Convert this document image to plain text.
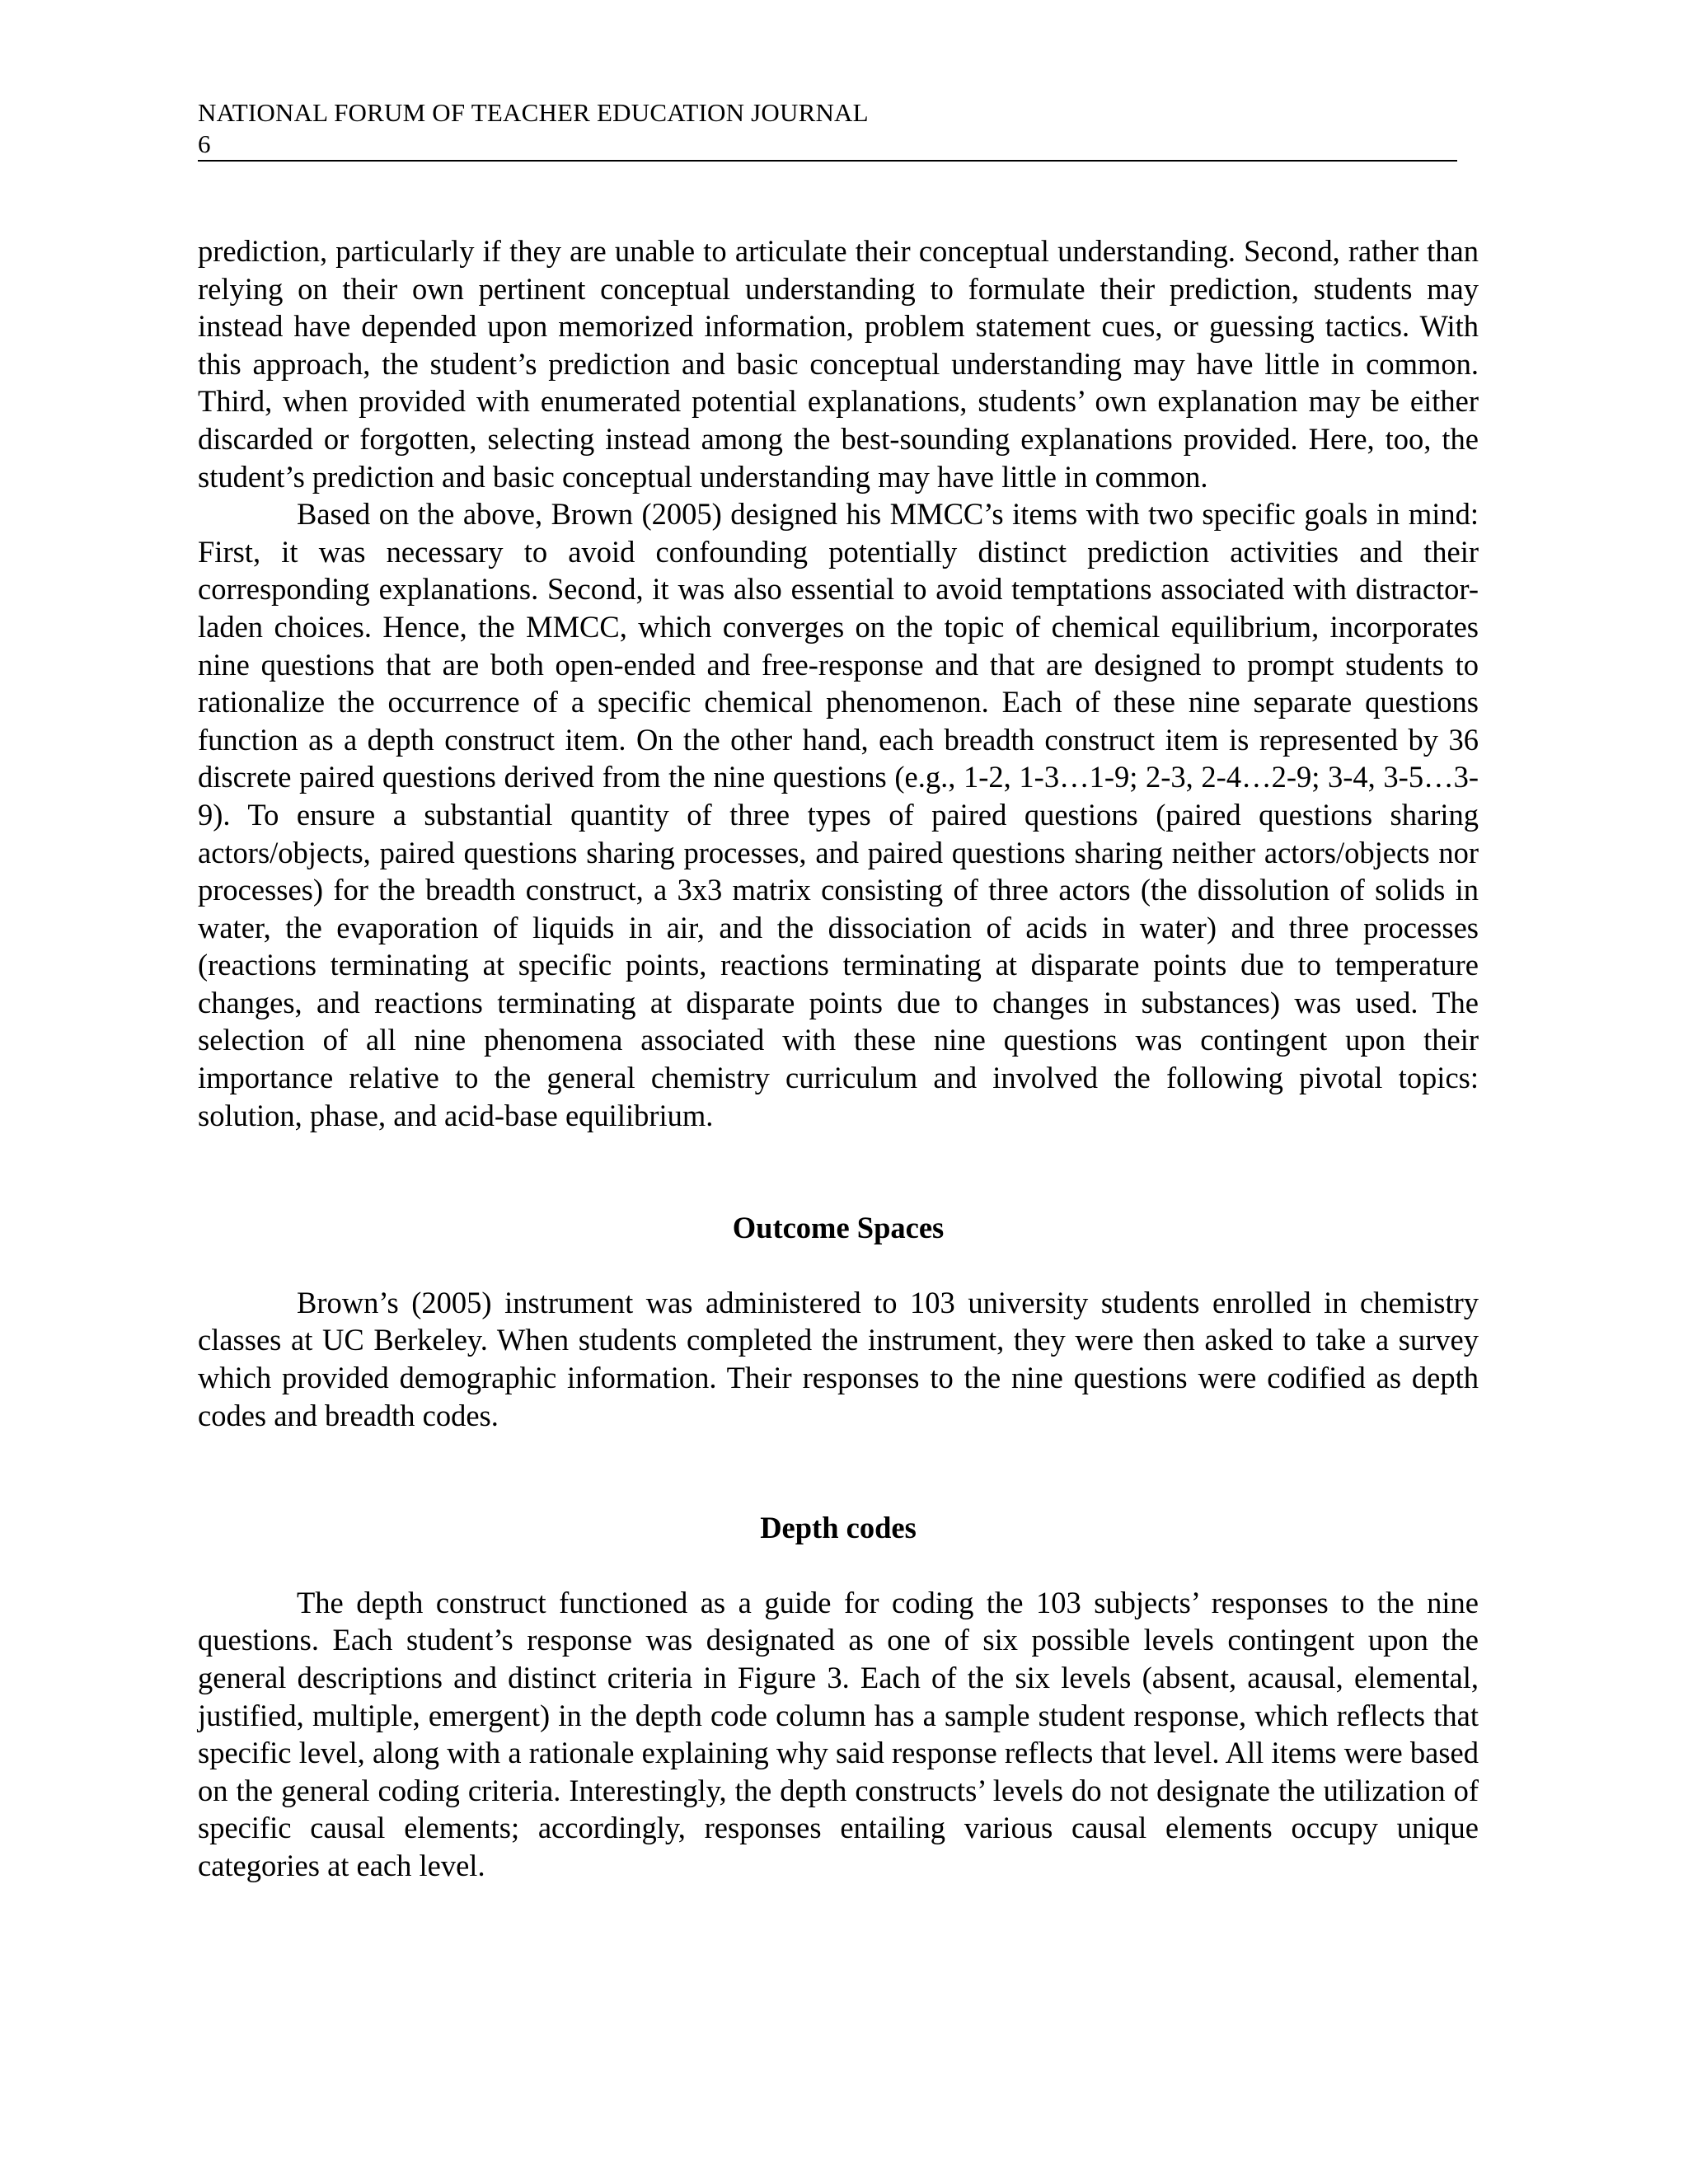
NATIONAL FORUM OF TEACHER EDUCATION JOURNAL
6

prediction, particularly if they are unable to articulate their conceptual understanding. Second, rather than relying on their own pertinent conceptual understanding to formulate their prediction, students may instead have depended upon memorized information, problem statement cues, or guessing tactics. With this approach, the student’s prediction and basic conceptual understanding may have little in common. Third, when provided with enumerated potential explanations, students’ own explanation may be either discarded or forgotten, selecting instead among the best-sounding explanations provided. Here, too, the student’s prediction and basic conceptual understanding may have little in common.

Based on the above, Brown (2005) designed his MMCC’s items with two specific goals in mind: First, it was necessary to avoid confounding potentially distinct prediction activities and their corresponding explanations. Second, it was also essential to avoid temptations associated with distractor-laden choices. Hence, the MMCC, which converges on the topic of chemical equilibrium, incorporates nine questions that are both open-ended and free-response and that are designed to prompt students to rationalize the occurrence of a specific chemical phenomenon. Each of these nine separate questions function as a depth construct item. On the other hand, each breadth construct item is represented by 36 discrete paired questions derived from the nine questions (e.g., 1-2, 1-3…1-9; 2-3, 2-4…2-9; 3-4, 3-5…3-9). To ensure a substantial quantity of three types of paired questions (paired questions sharing actors/objects, paired questions sharing processes, and paired questions sharing neither actors/objects nor processes) for the breadth construct, a 3x3 matrix consisting of three actors (the dissolution of solids in water, the evaporation of liquids in air, and the dissociation of acids in water) and three processes (reactions terminating at specific points, reactions terminating at disparate points due to temperature changes, and reactions terminating at disparate points due to changes in substances) was used. The selection of all nine phenomena associated with these nine questions was contingent upon their importance relative to the general chemistry curriculum and involved the following pivotal topics: solution, phase, and acid-base equilibrium.

Outcome Spaces

Brown’s (2005) instrument was administered to 103 university students enrolled in chemistry classes at UC Berkeley. When students completed the instrument, they were then asked to take a survey which provided demographic information. Their responses to the nine questions were codified as depth codes and breadth codes.

Depth codes

The depth construct functioned as a guide for coding the 103 subjects’ responses to the nine questions. Each student’s response was designated as one of six possible levels contingent upon the general descriptions and distinct criteria in Figure 3. Each of the six levels (absent, acausal, elemental, justified, multiple, emergent) in the depth code column has a sample student response, which reflects that specific level, along with a rationale explaining why said response reflects that level. All items were based on the general coding criteria. Interestingly, the depth constructs’ levels do not designate the utilization of specific causal elements; accordingly, responses entailing various causal elements occupy unique categories at each level.
